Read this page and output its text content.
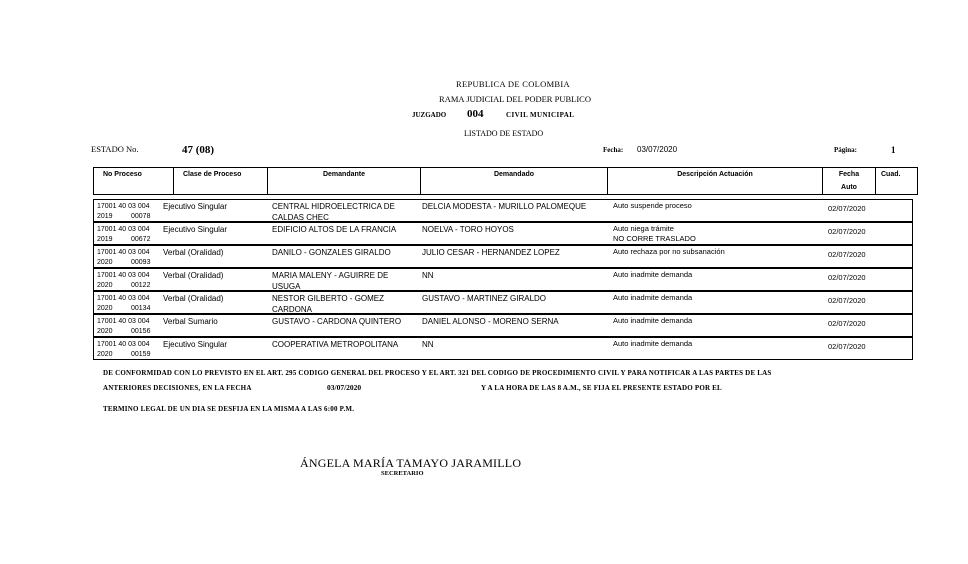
REPUBLICA DE COLOMBIA
RAMA JUDICIAL DEL PODER PUBLICO
JUZGADO 004	CIVIL MUNICIPAL
LISTADO DE ESTADO
ESTADO No.	47 (08)	Fecha: 03/07/2020	Página:	1
No Proceso	Clase de Proceso	Demandante	Demandado	Descripción Actuación	Fecha
Auto
Cuad.
17001 40 03 004
2019	00078
Ejecutivo Singular	CENTRAL HIDROELECTRICA DE CALDAS CHEC
DELCIA MODESTA - MURILLO PALOMEQUE	Auto suspende proceso	02/07/2020
17001 40 03 004
2019	00672
Ejecutivo Singular	EDIFICIO ALTOS DE LA FRANCIA	NOELVA - TORO HOYOS	Auto niega trámite
NO CORRE TRASLADO
02/07/2020
17001 40 03 004
2020	00093
Verbal (Oralidad)	DANILO - GONZALES GIRALDO	JULIO CESAR - HERNANDEZ LOPEZ	Auto rechaza por no subsanación	02/07/2020
17001 40 03 004
2020	00122
Verbal (Oralidad)	MARIA MALENY - AGUIRRE DE USUGA
NN	Auto inadmite demanda	02/07/2020
17001 40 03 004
2020	00134
Verbal (Oralidad)	NESTOR GILBERTO - GOMEZ CARDONA
GUSTAVO - MARTINEZ GIRALDO	Auto inadmite demanda	02/07/2020
17001 40 03 004
2020	00156
Verbal Sumario	GUSTAVO - CARDONA QUINTERO	DANIEL ALONSO - MORENO SERNA	Auto inadmite demanda	02/07/2020
17001 40 03 004
2020	00159
Ejecutivo Singular	COOPERATIVA METROPOLITANA	NN	Auto inadmite demanda	02/07/2020
DE CONFORMIDAD CON LO PREVISTO EN EL ART. 295 CODIGO GENERAL DEL PROCESO Y EL ART. 321 DEL CODIGO DE PROCEDIMIENTO CIVIL Y PARA NOTIFICAR A LAS PARTES DE LAS
ANTERIORES DECISIONES, EN LA FECHA	03/07/2020	Y A LA HORA DE LAS 8 A.M., SE FIJA EL PRESENTE ESTADO POR EL
TERMINO LEGAL DE UN DIA SE DESFIJA EN LA MISMA A LAS 6:00 P.M.
ÁNGELA MARÍA TAMAYO JARAMILLO
SECRETARIO
